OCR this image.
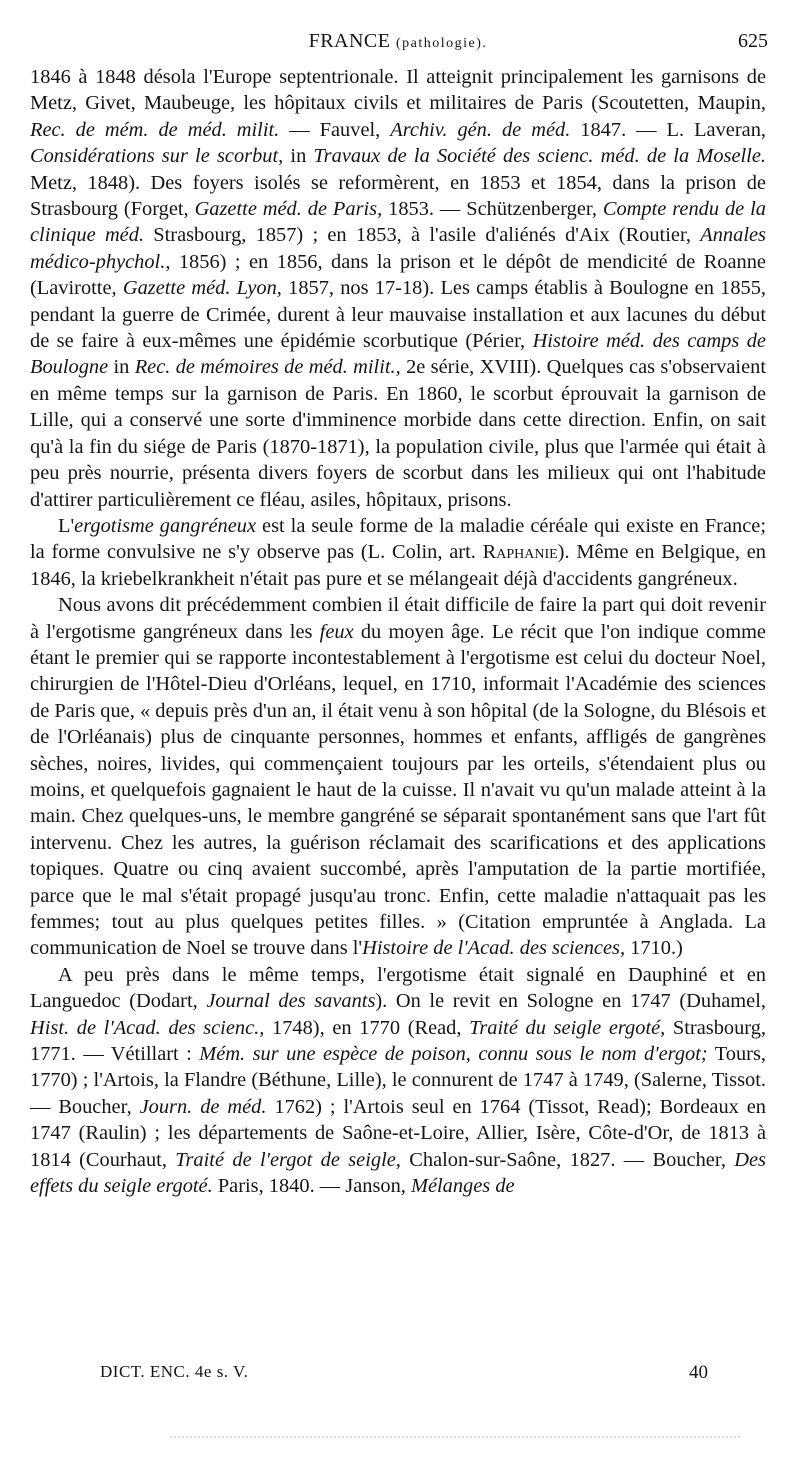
FRANCE (pathologie).	625

1846 à 1848 désola l'Europe septentrionale. Il atteignit principalement les garnisons de Metz, Givet, Maubeuge, les hôpitaux civils et militaires de Paris (Scoutetten, Maupin, Rec. de mém. de méd. milit. — Fauvel, Archiv. gén. de méd. 1847. — L. Laveran, Considérations sur le scorbut, in Travaux de la Société des scienc. méd. de la Moselle. Metz, 1848). Des foyers isolés se reformèrent, en 1853 et 1854, dans la prison de Strasbourg (Forget, Gazette méd. de Paris, 1853. — Schützenberger, Compte rendu de la clinique méd. Strasbourg, 1857) ; en 1853, à l'asile d'aliénés d'Aix (Routier, Annales médico-phychol., 1856) ; en 1856, dans la prison et le dépôt de mendicité de Roanne (Lavirotte, Gazette méd. Lyon, 1857, nos 17-18). Les camps établis à Boulogne en 1855, pendant la guerre de Crimée, durent à leur mauvaise installation et aux lacunes du début de se faire à eux-mêmes une épidémie scorbutique (Périer, Histoire méd. des camps de Boulogne in Rec. de mémoires de méd. milit., 2e série, XVIII). Quelques cas s'observaient en même temps sur la garnison de Paris. En 1860, le scorbut éprouvait la garnison de Lille, qui a conservé une sorte d'imminence morbide dans cette direction. Enfin, on sait qu'à la fin du siége de Paris (1870-1871), la population civile, plus que l'armée qui était à peu près nourrie, présenta divers foyers de scorbut dans les milieux qui ont l'habitude d'attirer particulièrement ce fléau, asiles, hôpitaux, prisons.

L'ergotisme gangréneux est la seule forme de la maladie céréale qui existe en France; la forme convulsive ne s'y observe pas (L. Colin, art. Raphanie). Même en Belgique, en 1846, la kriebelkrankheit n'était pas pure et se mélangeait déjà d'accidents gangréneux.

Nous avons dit précédemment combien il était difficile de faire la part qui doit revenir à l'ergotisme gangréneux dans les feux du moyen âge. Le récit que l'on indique comme étant le premier qui se rapporte incontestablement à l'ergotisme est celui du docteur Noel, chirurgien de l'Hôtel-Dieu d'Orléans, lequel, en 1710, informait l'Académie des sciences de Paris que, « depuis près d'un an, il était venu à son hôpital (de la Sologne, du Blésois et de l'Orléanais) plus de cinquante personnes, hommes et enfants, affligés de gangrènes sèches, noires, livides, qui commençaient toujours par les orteils, s'étendaient plus ou moins, et quelquefois gagnaient le haut de la cuisse. Il n'avait vu qu'un malade atteint à la main. Chez quelques-uns, le membre gangréné se séparait spontanément sans que l'art fût intervenu. Chez les autres, la guérison réclamait des scarifications et des applications topiques. Quatre ou cinq avaient succombé, après l'amputation de la partie mortifiée, parce que le mal s'était propagé jusqu'au tronc. Enfin, cette maladie n'attaquait pas les femmes; tout au plus quelques petites filles. » (Citation empruntée à Anglada. La communication de Noel se trouve dans l'Histoire de l'Acad. des sciences, 1710.)

A peu près dans le même temps, l'ergotisme était signalé en Dauphiné et en Languedoc (Dodart, Journal des savants). On le revit en Sologne en 1747 (Duhamel, Hist. de l'Acad. des scienc., 1748), en 1770 (Read, Traité du seigle ergoté, Strasbourg, 1771. — Vétillart : Mém. sur une espèce de poison, connu sous le nom d'ergot; Tours, 1770) ; l'Artois, la Flandre (Béthune, Lille), le connurent de 1747 à 1749, (Salerne, Tissot. — Boucher, Journ. de méd. 1762) ; l'Artois seul en 1764 (Tissot, Read); Bordeaux en 1747 (Raulin) ; les départements de Saône-et-Loire, Allier, Isère, Côte-d'Or, de 1813 à 1814 (Courhaut, Traité de l'ergot de seigle, Chalon-sur-Saône, 1827. — Boucher, Des effets du seigle ergoté. Paris, 1840. — Janson, Mélanges de

DICT. ENC. 4e s. V.	40
